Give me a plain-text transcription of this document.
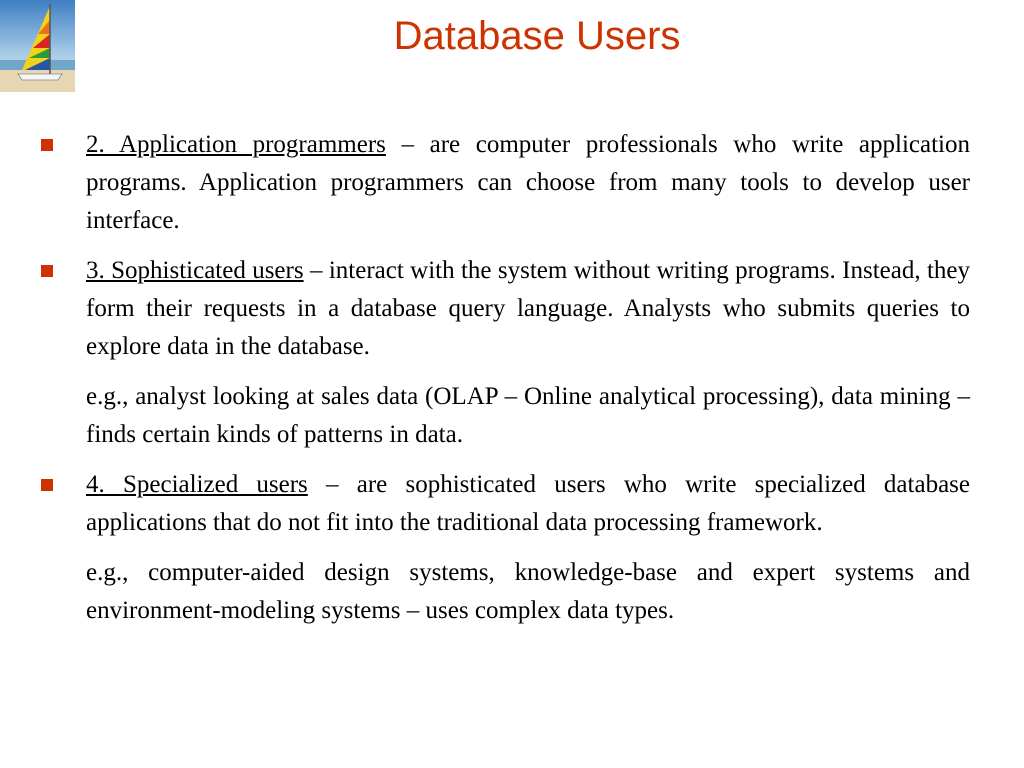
Database Users
2. Application programmers – are computer professionals who write application programs. Application programmers can choose from many tools to develop user interface.
3. Sophisticated users – interact with the system without writing programs. Instead, they form their requests in a database query language. Analysts who submits queries to explore data in the database.
e.g., analyst looking at sales data (OLAP – Online analytical processing), data mining – finds certain kinds of patterns in data.
4. Specialized users – are sophisticated users who write specialized database applications that do not fit into the traditional data processing framework.
e.g., computer-aided design systems, knowledge-base and expert systems and environment-modeling systems – uses complex data types.
